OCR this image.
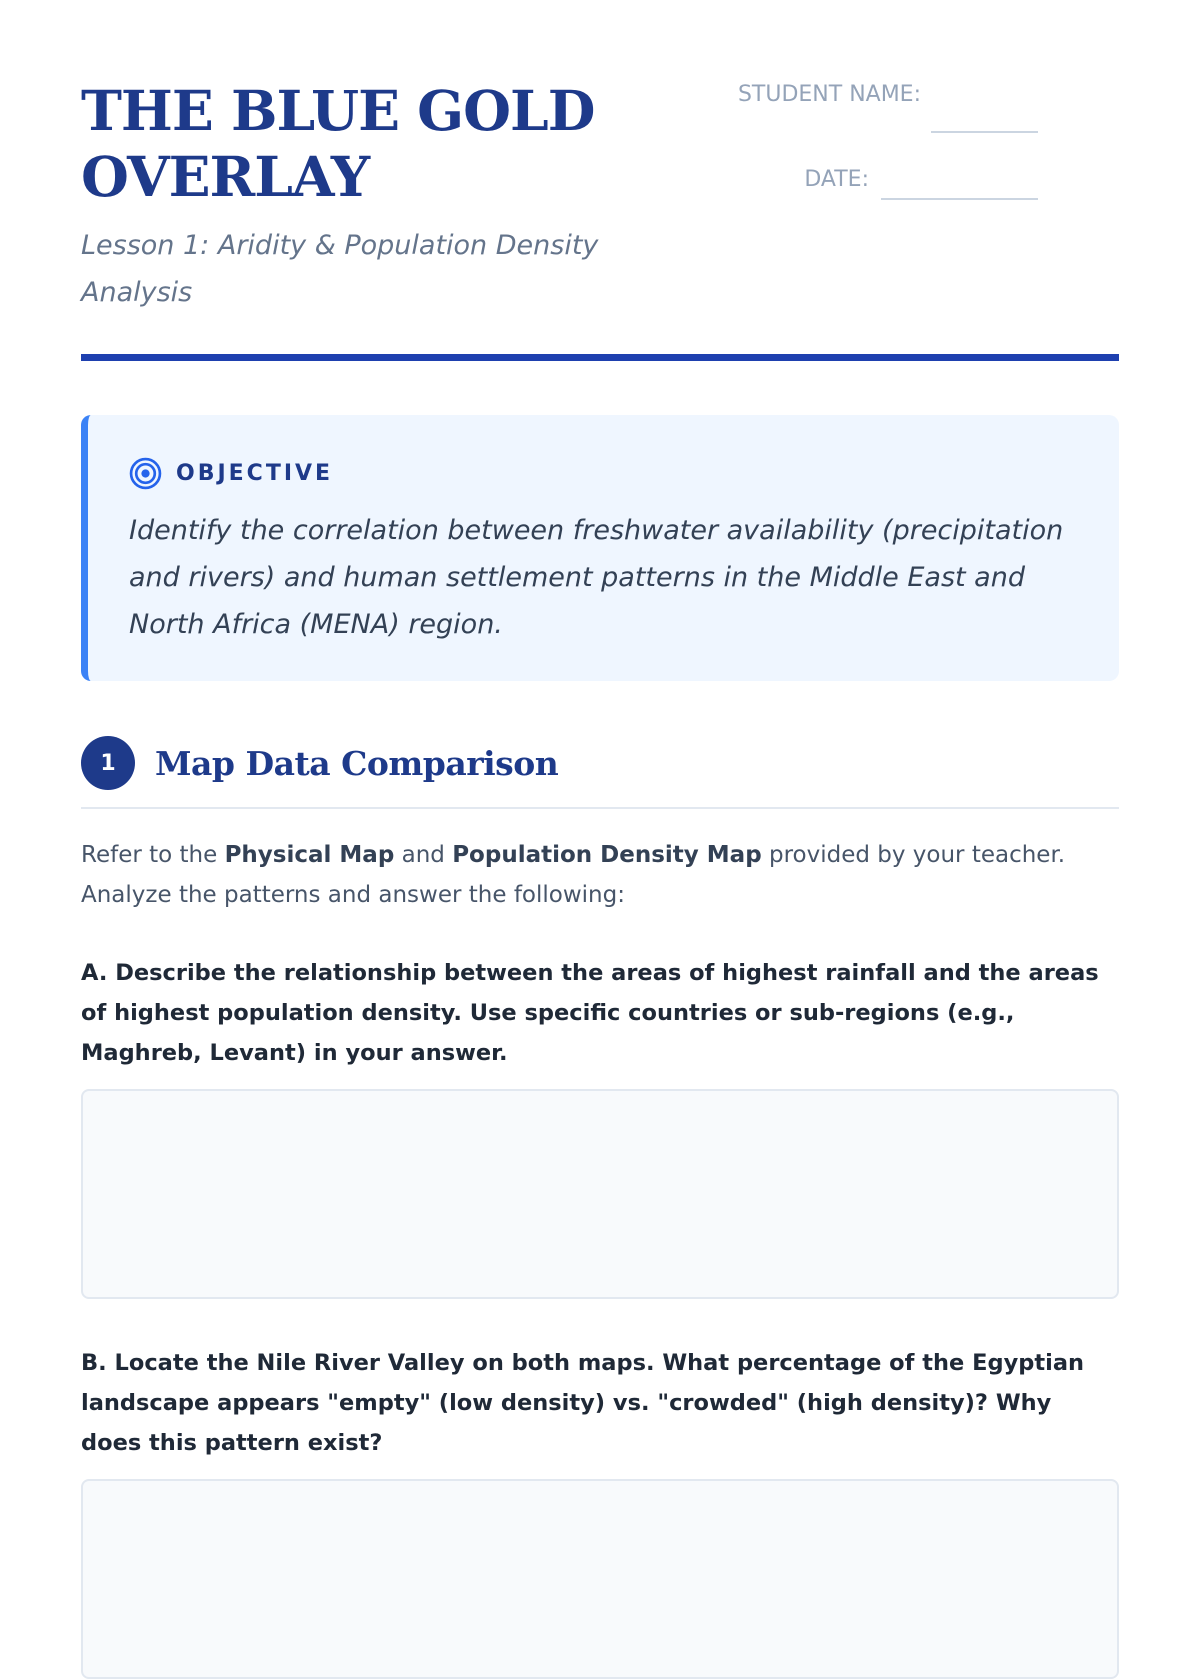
THE BLUE GOLD OVERLAY

Lesson 1: Aridity & Population Density Analysis

STUDENT NAME:
DATE:
OBJECTIVE

Identify the correlation between freshwater availability (precipitation and rivers) and human settlement patterns in the Middle East and North Africa (MENA) region.

1	Map Data Comparison

Refer to the Physical Map and Population Density Map provided by your teacher. Analyze the patterns and answer the following:

A. Describe the relationship between the areas of highest rainfall and the areas of highest population density. Use specific countries or sub-regions (e.g., Maghreb, Levant) in your answer.

B. Locate the Nile River Valley on both maps. What percentage of the Egyptian landscape appears "empty" (low density) vs. "crowded" (high density)? Why does this pattern exist?
